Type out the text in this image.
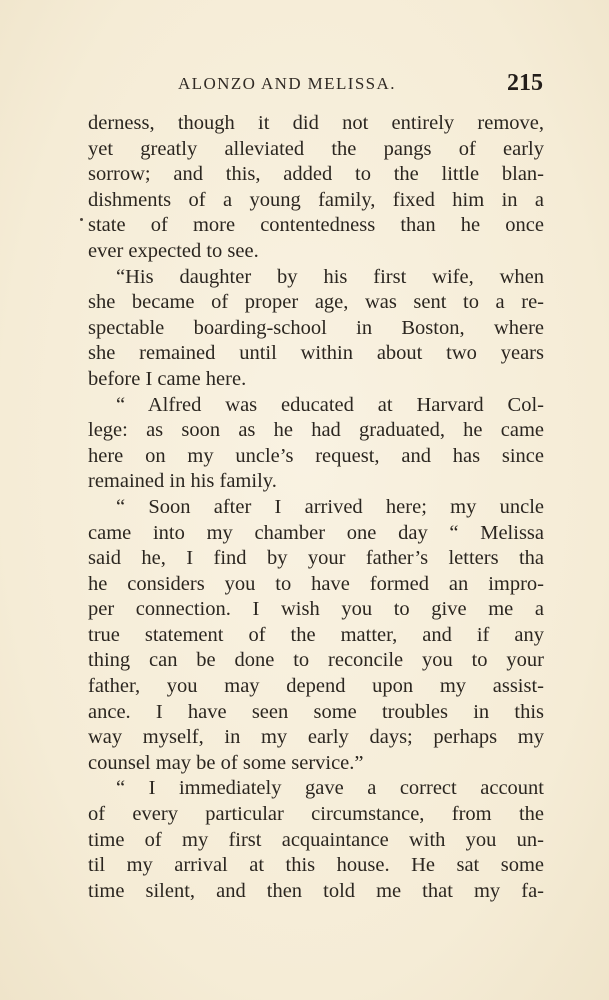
ALONZO AND MELISSA.	215
derness, though it did not entirely remove,
yet greatly alleviated the pangs of early
sorrow; and this, added to the little blan-
dishments of a young family, fixed him in a
state of more contentedness than he once
ever expected to see.
“His daughter by his first wife, when
she became of proper age, was sent to a re-
spectable boarding-school in Boston, where
she remained until within about two years
before I came here.
“ Alfred was educated at Harvard Col-
lege: as soon as he had graduated, he came
here on my uncle’s request, and has since
remained in his family.
“ Soon after I arrived here; my uncle
came into my chamber one day “ Melissa
said he, I find by your father’s letters tha
he considers you to have formed an impro-
per connection. I wish you to give me a
true statement of the matter, and if any
thing can be done to reconcile you to your
father, you may depend upon my assist-
ance. I have seen some troubles in this
way myself, in my early days; perhaps my
counsel may be of some service.”
“ I immediately gave a correct account
of every particular circumstance, from the
time of my first acquaintance with you un-
til my arrival at this house. He sat some
time silent, and then told me that my fa-
